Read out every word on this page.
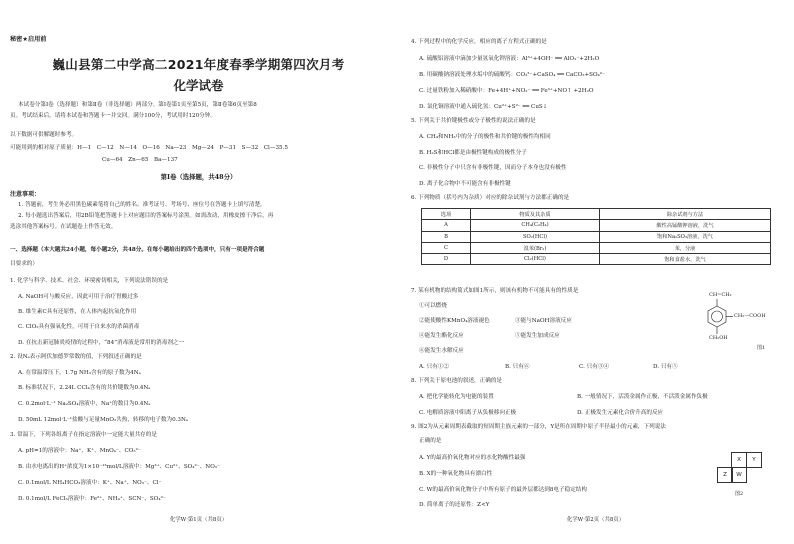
秘密★启用前
巍山县第二中学高二2021年度春季学期第四次月考
化学试卷
本试卷分第Ⅰ卷（选择题）和第Ⅱ卷（非选择题）两部分。第Ⅰ卷第1页至第5页，第Ⅱ卷第6页至第8
页。考试结束后，请将本试卷和答题卡一并交回。满分100分，考试用时120分钟。
以下数据可供解题时参考。
可能用到的相对原子质量：H—1　C—12　N—14　O—16　Na—23　Mg—24　P—31　S—32　Cl—35.5
Cu—64　Zn—65　Ba—137
第Ⅰ卷（选择题，共48分）
注意事项：
1. 答题前，考生务必用黑色碳素笔将自己的姓名、准考证号、考场号、座位号在答题卡上填写清楚。
2. 每小题选出答案后，用2B铅笔把答题卡上对应题目的答案标号涂黑。如需改动，用橡皮擦干净后，再
选涂其他答案标号。在试题卷上作答无效。
一、选择题（本大题共24小题，每小题2分，共48分。在每小题给出的四个选项中，只有一项是符合题
目要求的）
1. 化学与科学、技术、社会、环境密切相关，下列说法错误的是
A. NaOH可与酸反应，因此可用于治疗胃酸过多
B. 维生素C具有还原性，在人体内起抗氧化作用
C. ClO₂具有强氧化性，可用于自来水的杀菌消毒
D. 在抗击新冠肺炎疫情的过程中，“84”消毒液是常用的消毒剂之一
2. 设Nₐ表示阿伏加德罗常数的值，下列叙述正确的是
A. 在常温常压下，1.7g NH₃含有的原子数为4Nₐ
B. 标准状况下，2.24L CCl₄含有的共价键数为0.4Nₐ
C. 0.2mol·L⁻¹ Na₂SO₄溶液中，Na⁺的数目为0.4Nₐ
D. 50mL 12mol·L⁻¹盐酸与足量MnO₂共热，转移的电子数为0.3Nₐ
3. 常温下，下列各组离子在指定溶液中一定能大量共存的是
A. pH=1的溶液中：Na⁺、K⁺、MnO₄⁻、CO₃²⁻
B. 由水电离出的H⁺浓度为1×10⁻¹³mol/L溶液中：Mg²⁺、Cu²⁺、SO₄²⁻、NO₃⁻
C. 0.1mol/L NH₄HCO₃溶液中：K⁺、Na⁺、NO₃⁻、Cl⁻
D. 0.1mol/L FeCl₃溶液中：Fe²⁺、NH₄⁺、SCN⁻、SO₄²⁻
化学W·第1页（共8页）
4. 下列过程中的化学反应，相应的离子方程式正确的是
A. 硫酸铝溶液中滴加少量氢氧化钾溶液：Al³⁺+4OH⁻ ══ AlO₂⁻+2H₂O
B. 用碳酸钠溶液处理水垢中的硫酸钙：CO₃²⁻+CaSO₄ ══ CaCO₃+SO₄²⁻
C. 过量铁粉加入稀硝酸中：Fe+4H⁺+NO₃⁻ ══ Fe³⁺+NO↑ +2H₂O
D. 氯化铜溶液中通入硫化氢：Cu²⁺+S²⁻ ══ CuS↓
5. 下列关于共价键极性或分子极性的说法正确的是
A. CH₄和NH₃中的分子的极性和共价键的极性均相同
B. H₂S和HCl都是由极性键构成的极性分子
C. 非极性分子中只含有非极性键，因而分子本身也没有极性
D. 离子化合物中不可能含有非极性键
6. 下列物质（括号内为杂质）对应的除杂试剂与方法都正确的是
选项	物质及其杂质	除杂试剂与方法
A	CH₄(C₂H₄)	酸性高锰酸钾溶液，洗气
B	SO₂(HCl)	饱和Na₂SO₃溶液，洗气
C	溴苯(Br₂)	苯，分液
D	Cl₂(HCl)	饱和食盐水，洗气
7. 某有机物的结构简式如图1所示，则该有机物不可能具有的性质是
①可以燃烧
②能使酸性KMnO₄溶液褪色	③能与NaOH溶液反应
④能发生酯化反应	⑤能发生加成反应
⑥能发生水解反应
A. 只有①②	B. 只有⑥	C. 只有③④	D. 只有⑤
CH=CH₂
CH₂—COOH
CH₂OH
图1
8. 下列关于原电池的叙述，正确的是
A. 把化学能转化为电能的装置	B. 一般情况下，活泼金属作正极，不活泼金属作负极
C. 电解质溶液中阳离子从负极移向正极	D. 正极发生元素化合价升高的反应
9. 图2为从元素周期表截取的短周期主族元素的一部分，Y是所在周期中原子半径最小的元素，下列说法
正确的是
A. Y的最高价氧化物对应的水化物酸性最强
B. X的一种氧化物具有漂白性
C. W的最高价氧化物分子中所有原子的最外层都达到8电子稳定结构
D. 简单离子的还原性：Z<Y
X	Y
Z	W
图2
化学W·第2页（共8页）
